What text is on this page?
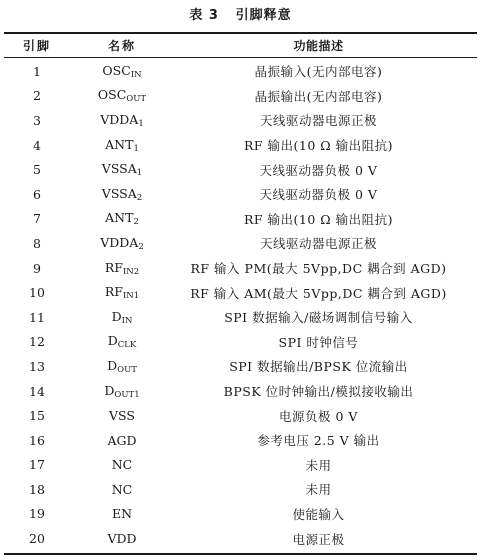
表 3 引脚释意
引脚	名称	功能描述
1	$OSC_{IN}$	晶振输入(无内部电容)
2	$OSC_{OUT}$	晶振输出(无内部电容)
3	$VDDA_1$	天线驱动器电源正极
4	$ANT_1$	RF 输出(10 Ω 输出阻抗)
5	$VSSA_1$	天线驱动器负极 0 V
6	$VSSA_2$	天线驱动器负极 0 V
7	$ANT_2$	RF 输出(10 Ω 输出阻抗)
8	$VDDA_2$	天线驱动器电源正极
9	$RF_{IN2}$	RF 输入 PM(最大 5Vpp,DC 耦合到 AGD)
10	$RF_{IN1}$	RF 输入 AM(最大 5Vpp,DC 耦合到 AGD)
11	$D_{IN}$	SPI 数据输入/磁场调制信号输入
12	$D_{CLK}$	SPI 时钟信号
13	$D_{OUT}$	SPI 数据输出/BPSK 位流输出
14	$D_{OUT1}$	BPSK 位时钟输出/模拟接收输出
15	VSS	电源负极 0 V
16	AGD	参考电压 2.5 V 输出
17	NC	未用
18	NC	未用
19	EN	使能输入
20	VDD	电源正极
